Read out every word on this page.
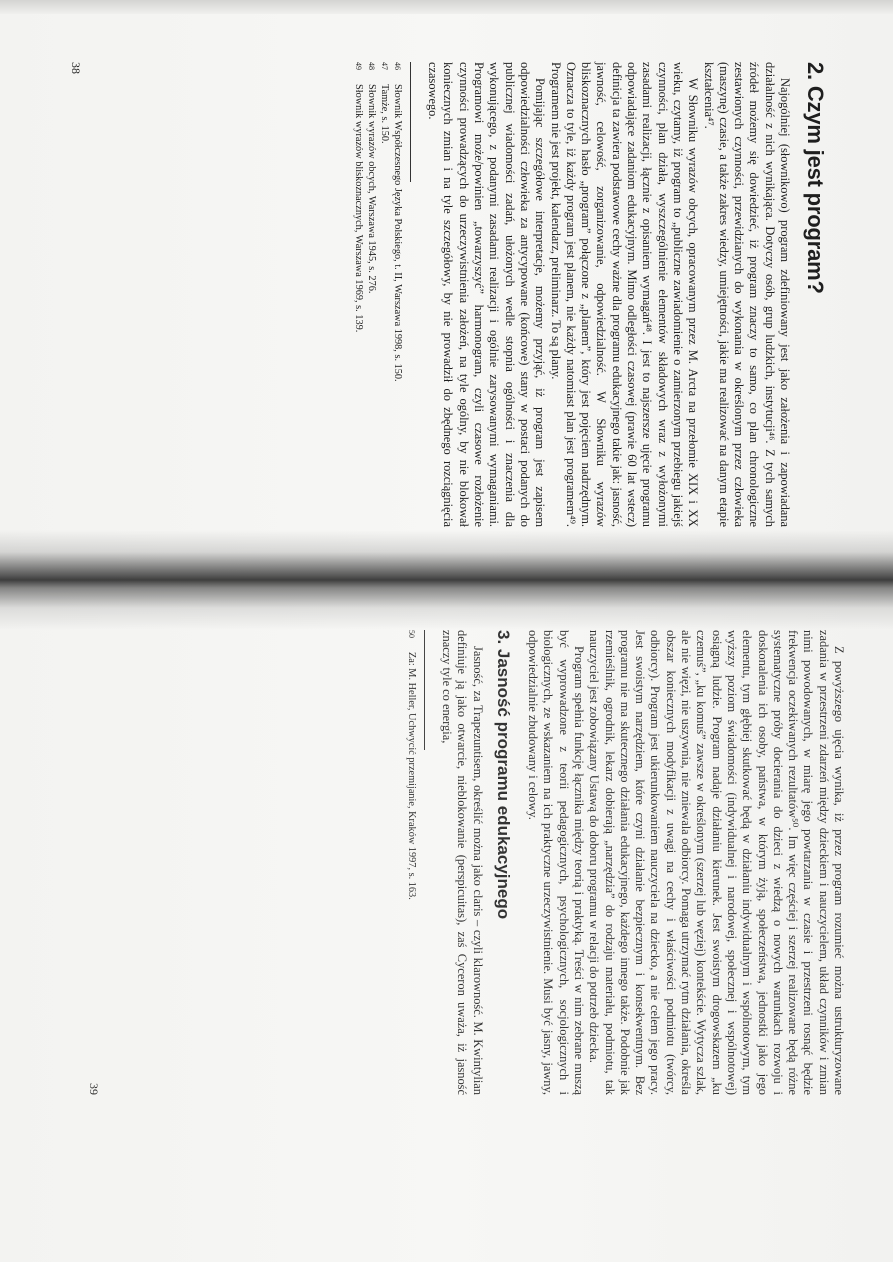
2. Czym jest program?

Najogólniej (słownikowo) program zdefiniowany jest jako założenia i zapowiadana działalność z nich wynikająca. Dotyczy osób, grup ludzkich, instytucji⁴⁶. Z tych samych źródeł możemy się dowiedzieć, iż program znaczy to samo, co plan chronologiczne zestawionych czynności, przewidzianych do wykonania w określonym przez człowieka (maszynę) czasie, a także zakres wiedzy, umiejętności, jakie ma realizować na danym etapie kształcenia⁴⁷.

W Słowniku wyrazów obcych, opracowanym przez M. Arcta na przełomie XIX i XX wieku, czytamy, iż program to „publiczne zawiadomienie o zamierzonym przebiegu jakiejś czynności, plan działa, wyszczególnienie elementów składowych wraz z wyłożonymi zasadami realizacji, łącznie z opisaniem wymagań⁴⁸. I jest to najszersze ujęcie programu odpowiadające zadaniom edukacyjnym. Mimo odległości czasowej (prawie 60 lat wstecz) definicja ta zawiera podstawowe cechy ważne dla programu edukacyjnego takie jak: jasność, jawność, celowość, zorganizowanie, odpowiedzialność. W Słowniku wyrazów bliskoznacznych hasło „program” połączone z „planem”, który jest pojęciem nadrzędnym. Oznacza to tyle, iż każdy program jest planem, nie każdy natomiast plan jest programem⁴⁹. Programem nie jest projekt, kalendarz, preliminarz. To są plany.

Pomijając szczegółowe interpretacje, możemy przyjąć, iż program jest zapisem odpowiedzialności człowieka za antycypowane (końcowe) stany w postaci podanych do publicznej wiadomości zadań, ułożonych wedle stopnia ogólności i znaczenia dla wykonującego, z podanymi zasadami realizacji i ogólnie zarysowanymi wymaganiami. Programowi może/powinien „towarzyszyć” harmonogram, czyli czasowe rozłożenie czynności prowadzących do urzeczywistnienia założeń, na tyle ogólny, by nie blokował koniecznych zmian i na tyle szczegółowy, by nie prowadził do zbędnego rozciągnięcia czasowego.

46Słownik Współczesnego Języka Polskiego, t. II, Warszawa 1998, s. 150.

47Tamże, s. 150.

48Słownik wyrazów obcych, Warszawa 1945, s. 276.

49Słownik wyrazów bliskoznacznych, Warszawa 1969, s. 139.

38

Z powyższego ujęcia wynika, iż przez program rozumieć można ustrukturyzowane zadania w przestrzeni zdarzeń między dzieckiem i nauczycielem, układ czynników i zmian nimi powodowanych, w miarę jego powtarzania w czasie i przestrzeni rosnąć będzie frekwencja oczekiwanych rezultatów⁵⁰. Im więc częściej i szerzej realizowane będą różne systematyczne próby docierania do dzieci z wiedzą o nowych warunkach rozwoju i doskonalenia ich osoby, państwa, w którym żyją, społeczeństwa, jednostki jako jego elementu, tym głębiej skutkować będą w działaniu indywidualnym i wspólnotowym, tym wyższy poziom świadomości (indywidualnej i narodowej, społecznej i wspólnotowej) osiągną ludzie. Program nadaje działaniu kierunek. Jest swoistym drogowskazem „ku czemuś”, „ku komuś” zawsze w określonym (szerzej lub węziej) kontekście. Wytycza szlak, ale nie więzi, nie uszywnia, nie zniewala odbiorcy. Pomaga utrzymać rytm działania, określa obszar koniecznych modyfikacji z uwagi na cechy i właściwości podmiotu (twórcy, odbiorcy). Program jest ukierunkowaniem nauczyciela na dziecko, a nie celem jego pracy. Jest swoistym narzędziem, które czyni działanie bezpiecznym i konsekwentnym. Bez programu nie ma skutecznego działania edukacyjnego, każdego innego także. Podobnie jak rzemieślnik, ogrodnik, lekarz dobierają „narzędzia” do rodzaju materiału, podmiotu, tak nauczyciel jest zobowiązany Ustawą do doboru programu w relacji do potrzeb dziecka.

Program spełnia funkcję łącznika między teorią i praktyką. Treści w nim zebrane muszą być wyprowadzone z teorii pedagogicznych, psychologicznych, socjologicznych i biologicznych, ze wskazaniem na ich praktyczne urzeczywistnienie. Musi być jasny, jawny, odpowiedzialnie zbudowany i celowy.

3. Jasność programu edukacyjnego

Jasność, za Trapezuntisem, określić można jako claris – czyli klarowność. M. Kwintylian definiuje ją jako otwarcie, nieblokowanie (perspicuitas), zaś Cyceron uważa, iż jasność znaczy tyle co energia,

50Za: M. Heller, Uchwycić przemijanie, Kraków 1997, s. 163.

39
